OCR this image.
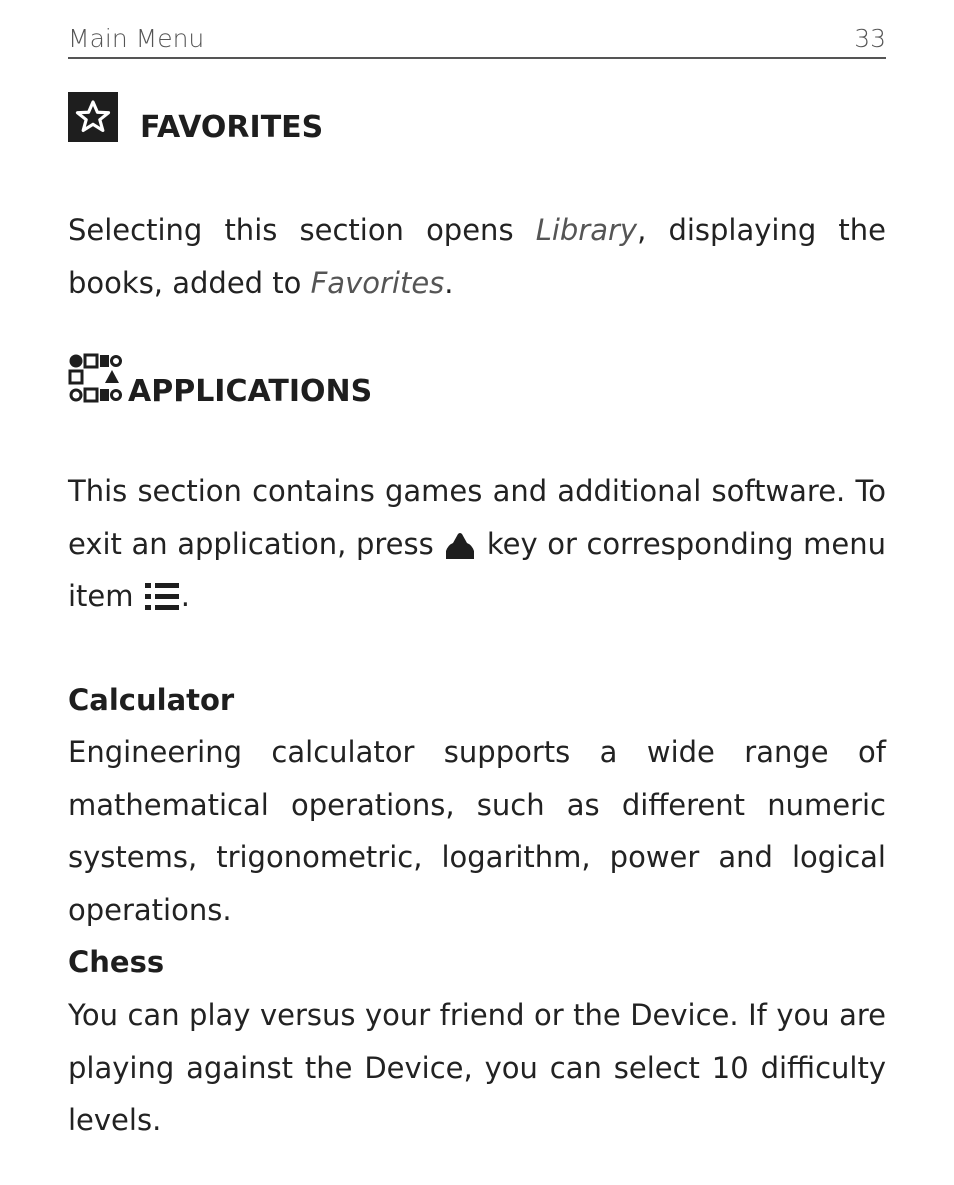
Main Menu	33
FAVORITES

Selecting this section opens Library, displaying the books, added to Favorites.

APPLICATIONS

This section contains games and additional software. To exit an application, press  key or corresponding menu item .

Calculator

Engineering calculator supports a wide range of mathematical operations, such as different numeric systems, trigonometric, logarithm, power and logical operations.

Chess

You can play versus your friend or the Device. If you are playing against the Device, you can select 10 difficulty levels.
